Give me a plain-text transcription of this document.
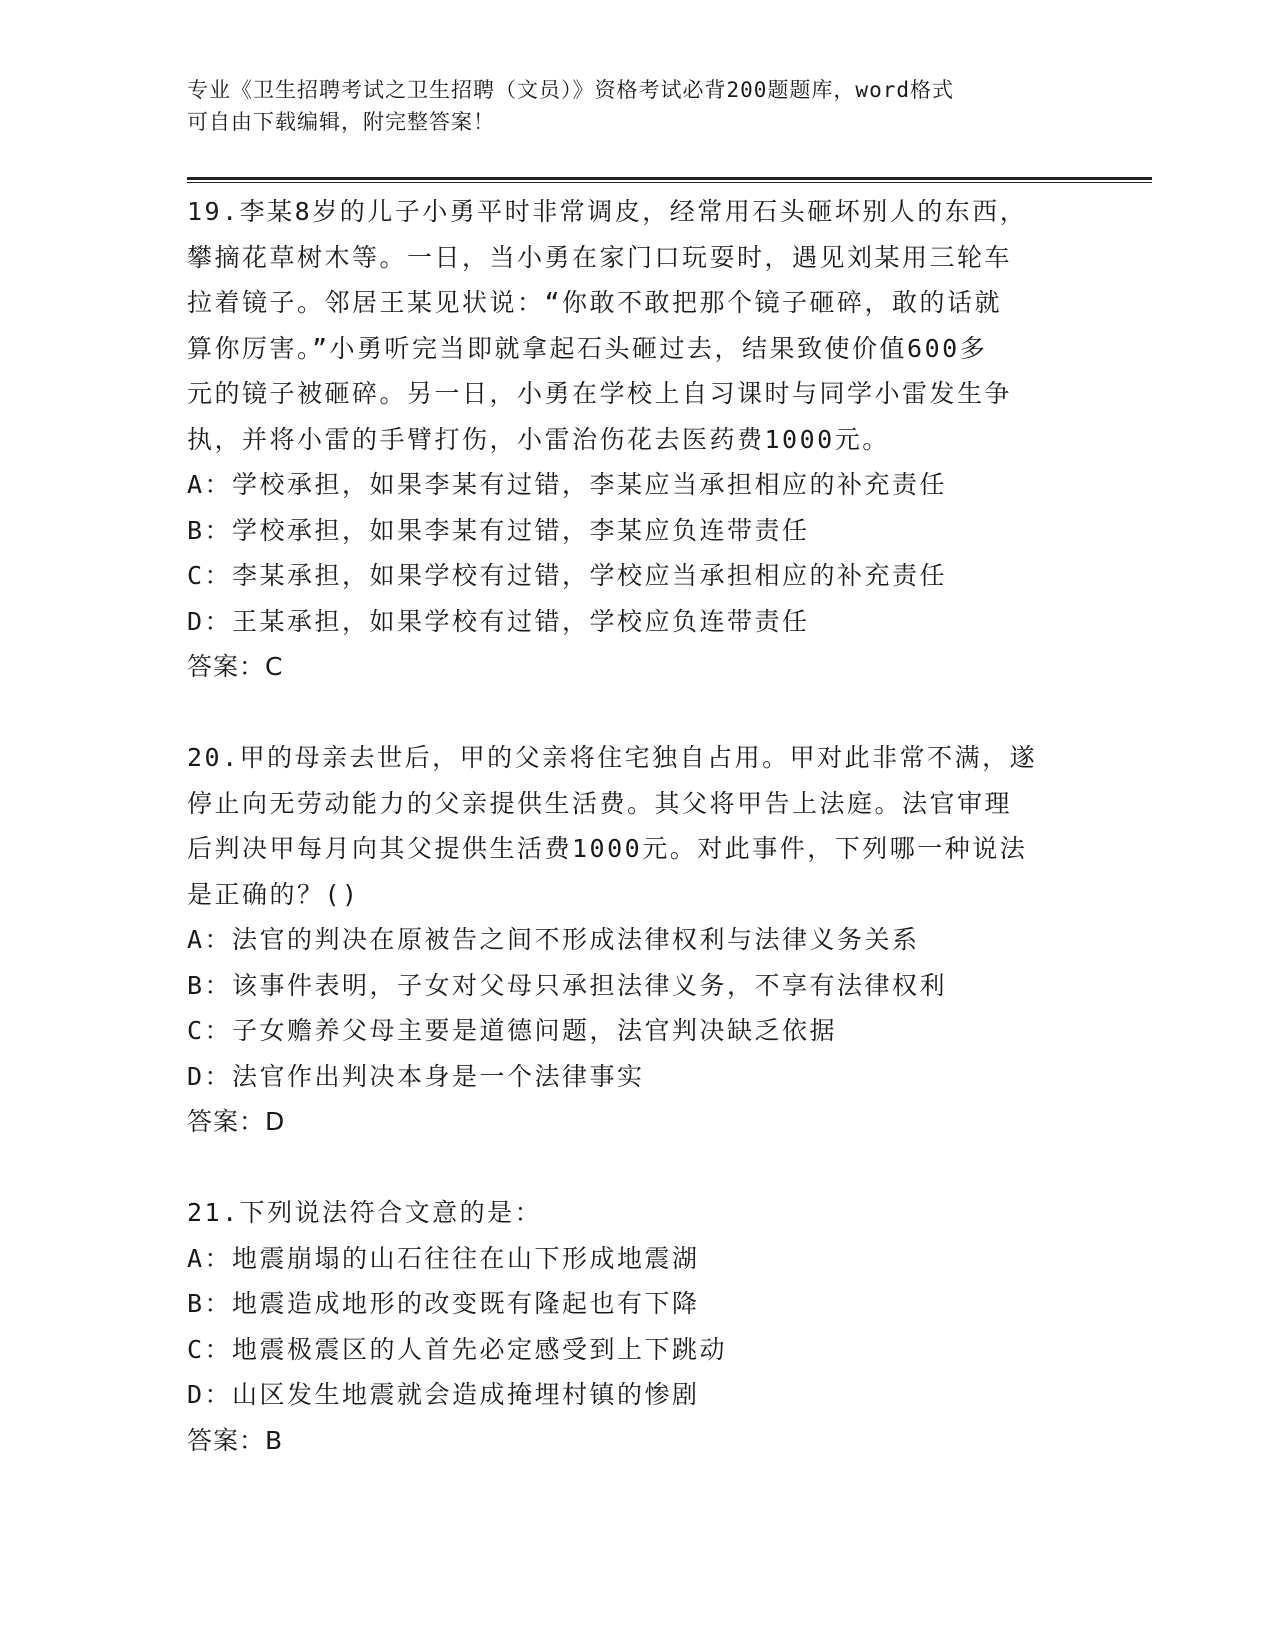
专业《卫生招聘考试之卫生招聘（文员）》资格考试必背200题题库，word格式
可自由下载编辑，附完整答案！
19.李某8岁的儿子小勇平时非常调皮，经常用石头砸坏别人的东西，
攀摘花草树木等。一日，当小勇在家门口玩耍时，遇见刘某用三轮车
拉着镜子。邻居王某见状说：“你敢不敢把那个镜子砸碎，敢的话就
算你厉害。”小勇听完当即就拿起石头砸过去，结果致使价值600多
元的镜子被砸碎。另一日，小勇在学校上自习课时与同学小雷发生争
执，并将小雷的手臂打伤，小雷治伤花去医药费1000元。
A：学校承担，如果李某有过错，李某应当承担相应的补充责任
B：学校承担，如果李某有过错，李某应负连带责任
C：李某承担，如果学校有过错，学校应当承担相应的补充责任
D：王某承担，如果学校有过错，学校应负连带责任
答案：C
20.甲的母亲去世后，甲的父亲将住宅独自占用。甲对此非常不满，遂
停止向无劳动能力的父亲提供生活费。其父将甲告上法庭。法官审理
后判决甲每月向其父提供生活费1000元。对此事件，下列哪一种说法
是正确的？()
A：法官的判决在原被告之间不形成法律权利与法律义务关系
B：该事件表明，子女对父母只承担法律义务，不享有法律权利
C：子女赡养父母主要是道德问题，法官判决缺乏依据
D：法官作出判决本身是一个法律事实
答案：D
21.下列说法符合文意的是：
A：地震崩塌的山石往往在山下形成地震湖
B：地震造成地形的改变既有隆起也有下降
C：地震极震区的人首先必定感受到上下跳动
D：山区发生地震就会造成掩埋村镇的惨剧
答案：B
